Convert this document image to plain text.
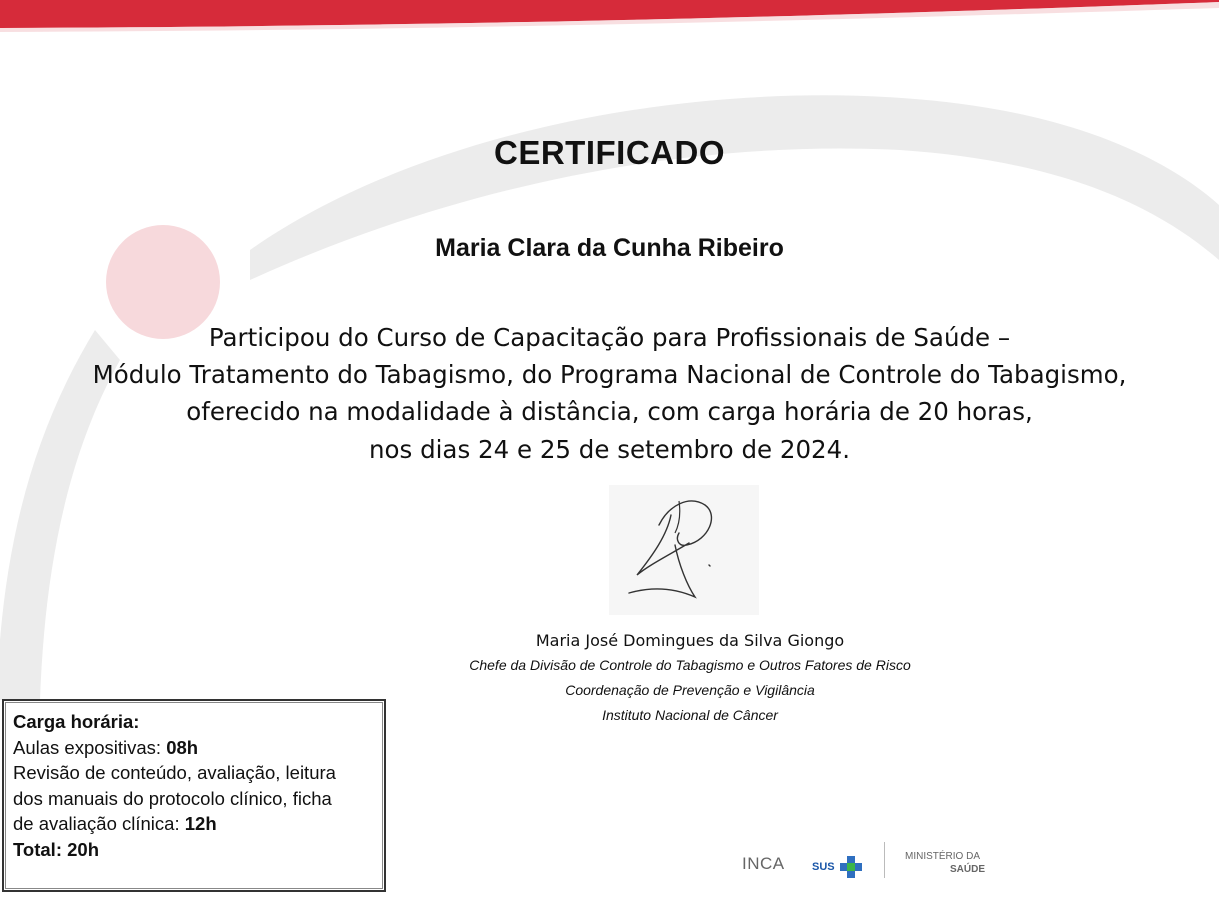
CERTIFICADO
Maria Clara da Cunha Ribeiro
Participou do Curso de Capacitação para Profissionais de Saúde –
Módulo Tratamento do Tabagismo, do Programa Nacional de Controle do Tabagismo,
oferecido na modalidade à distância, com carga horária de 20 horas,
nos dias 24 e 25 de setembro de 2024.
Maria José Domingues da Silva Giongo
Chefe da Divisão de Controle do Tabagismo e Outros Fatores de Risco
Coordenação de Prevenção e Vigilância
Instituto Nacional de Câncer
Carga horária:
Aulas expositivas: 08h
Revisão de conteúdo, avaliação, leitura
dos manuais do protocolo clínico, ficha
de avaliação clínica: 12h
Total: 20h
INCA SUS
MINISTÉRIO DA
SAÚDE
